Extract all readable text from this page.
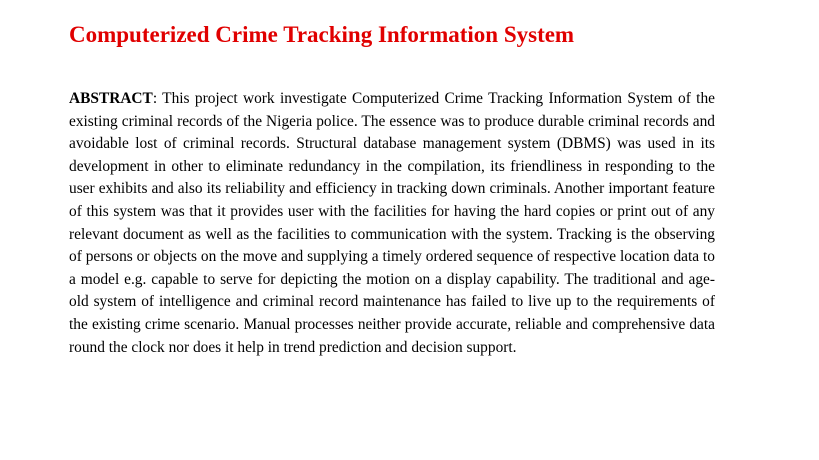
Computerized Crime Tracking Information System

ABSTRACT: This project work investigate Computerized Crime Tracking Information System of the existing criminal records of the Nigeria police. The essence was to produce durable criminal records and avoidable lost of criminal records. Structural database management system (DBMS) was used in its development in other to eliminate redundancy in the compilation, its friendliness in responding to the user exhibits and also its reliability and efficiency in tracking down criminals. Another important feature of this system was that it provides user with the facilities for having the hard copies or print out of any relevant document as well as the facilities to communication with the system. Tracking is the observing of persons or objects on the move and supplying a timely ordered sequence of respective location data to a model e.g. capable to serve for depicting the motion on a display capability. The traditional and age-old system of intelligence and criminal record maintenance has failed to live up to the requirements of the existing crime scenario. Manual processes neither provide accurate, reliable and comprehensive data round the clock nor does it help in trend prediction and decision support.
